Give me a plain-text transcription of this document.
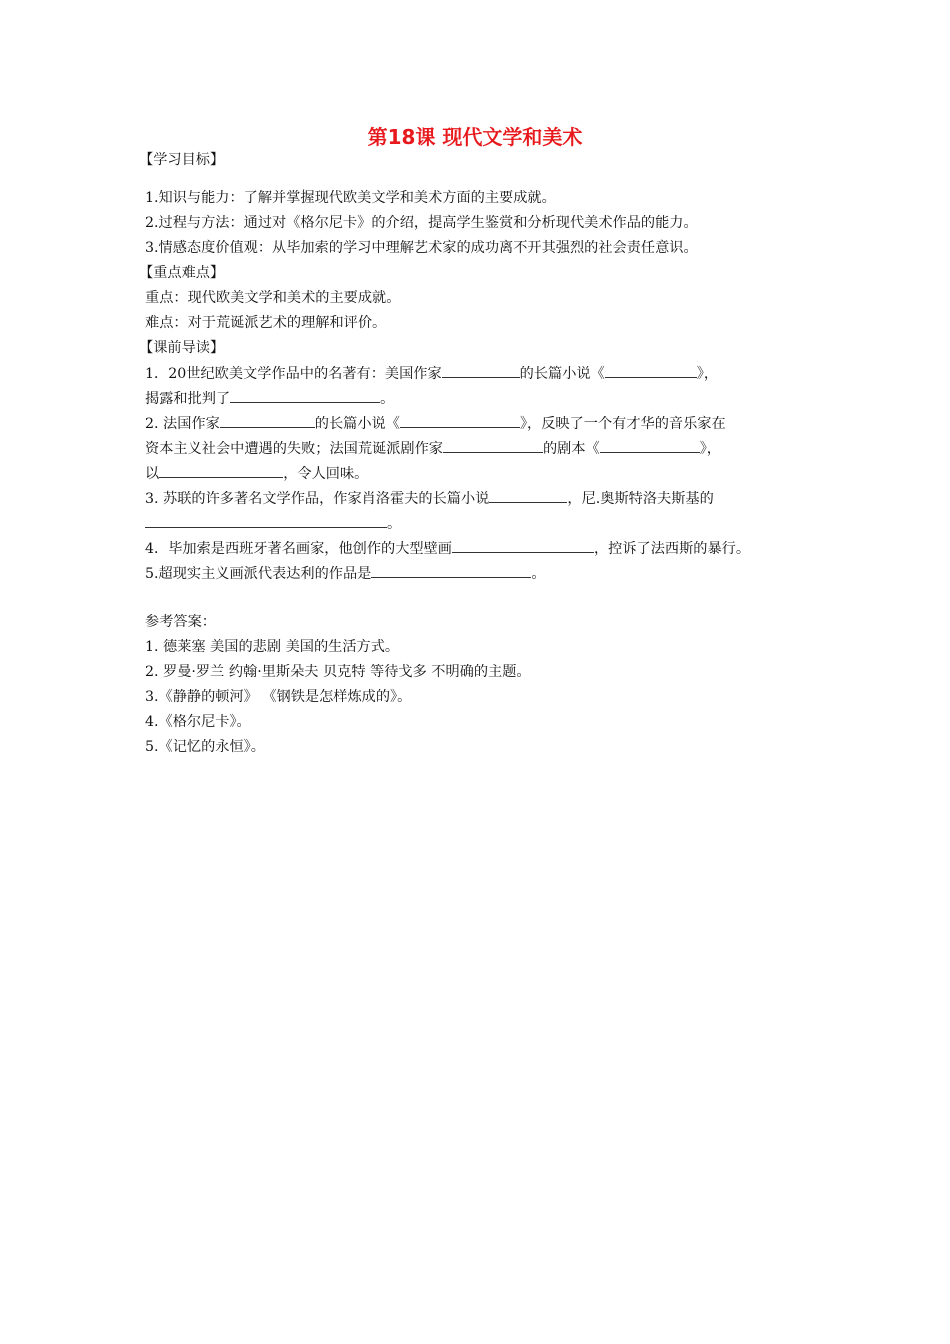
第18课 现代文学和美术
【学习目标】
1.知识与能力：了解并掌握现代欧美文学和美术方面的主要成就。
2.过程与方法：通过对《格尔尼卡》的介绍，提高学生鉴赏和分析现代美术作品的能力。
3.情感态度价值观：从毕加索的学习中理解艺术家的成功离不开其强烈的社会责任意识。
【重点难点】
重点：现代欧美文学和美术的主要成就。
难点：对于荒诞派艺术的理解和评价。
【课前导读】
1．20世纪欧美文学作品中的名著有：美国作家	的长篇小说《	》，
揭露和批判了	。
2. 法国作家	的长篇小说《	》，反映了一个有才华的音乐家在
资本主义社会中遭遇的失败；法国荒诞派剧作家	的剧本《	》，
以	，令人回味。
3. 苏联的许多著名文学作品，作家肖洛霍夫的长篇小说	，尼.奥斯特洛夫斯基的
。
4．毕加索是西班牙著名画家，他创作的大型壁画	，控诉了法西斯的暴行。
5.超现实主义画派代表达利的作品是	。
参考答案：
1. 德莱塞 美国的悲剧 美国的生活方式。
2. 罗曼·罗兰 约翰·里斯朵夫 贝克特 等待戈多 不明确的主题。
3.《静静的顿河》 《钢铁是怎样炼成的》。
4.《格尔尼卡》。
5.《记忆的永恒》。
